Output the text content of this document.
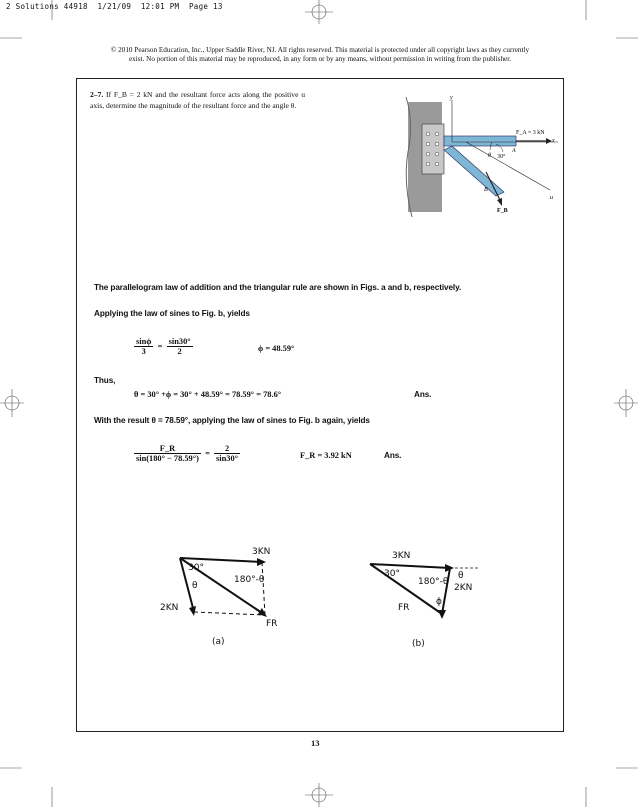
2 Solutions 44918  1/21/09  12:01 PM  Page 13
© 2010 Pearson Education, Inc., Upper Saddle River, NJ. All rights reserved. This material is protected under all copyright laws as they currently
exist. No portion of this material may be reproduced, in any form or by any means, without permission in writing from the publisher.
2–7. If F_B = 2 kN and the resultant force acts along the positive u axis, determine the magnitude of the resultant force and the angle θ.
y
x
u
F_A = 3 kN
A
B
F_B
θ 30°
The parallelogram law of addition and the triangular rule are shown in Figs. a and b, respectively.
Applying the law of sines to Fig. b, yields
$\frac{\sin\phi}{3} = \frac{\sin 30^\circ}{2}$	ϕ = 48.59°
Thus,
θ = 30° +ϕ = 30° + 48.59° = 78.59° = 78.6°	Ans.
With the result θ = 78.59°, applying the law of sines to Fig. b again, yields
$\frac{F\_R}{\sin(180^\circ - 78.59^\circ)} = \frac{2}{\sin 30^\circ}$	F_R = 3.92 kN	Ans.
3KN
30°
θ
180°-θ
2KN
FR
(a)
3KN
30°
180°-θ
θ
2KN
ϕ
FR
(b)
13
